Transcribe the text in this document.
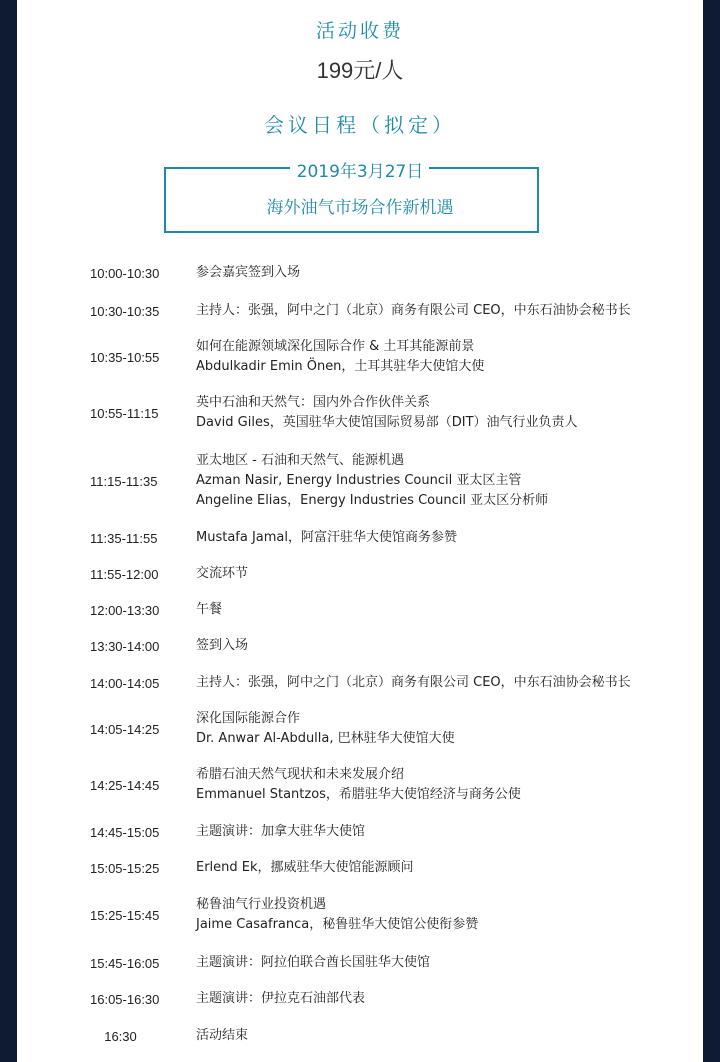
活动收费
199元/人
会议日程（拟定）
2019年3月27日
海外油气市场合作新机遇
10:00-10:30	参会嘉宾签到入场
10:30-10:35	主持人：张强，阿中之门（北京）商务有限公司 CEO，中东石油协会秘书长
10:35-10:55
如何在能源领域深化国际合作 & 土耳其能源前景
Abdulkadir Emin Önen，土耳其驻华大使馆大使
10:55-11:15
英中石油和天然气：国内外合作伙伴关系
David Giles，英国驻华大使馆国际贸易部（DIT）油气行业负责人
11:15-11:35
亚太地区 - 石油和天然气、能源机遇
Azman Nasir, Energy Industries Council 亚太区主管
Angeline Elias，Energy Industries Council 亚太区分析师
11:35-11:55	Mustafa Jamal，阿富汗驻华大使馆商务参赞
11:55-12:00	交流环节
12:00-13:30	午餐
13:30-14:00	签到入场
14:00-14:05	主持人：张强，阿中之门（北京）商务有限公司 CEO，中东石油协会秘书长
14:05-14:25
深化国际能源合作
Dr. Anwar Al-Abdulla, 巴林驻华大使馆大使
14:25-14:45
希腊石油天然气现状和未来发展介绍
Emmanuel Stantzos，希腊驻华大使馆经济与商务公使
14:45-15:05	主题演讲：加拿大驻华大使馆
15:05-15:25	Erlend Ek，挪威驻华大使馆能源顾问
15:25-15:45
秘鲁油气行业投资机遇
Jaime Casafranca，秘鲁驻华大使馆公使衔参赞
15:45-16:05	主题演讲：阿拉伯联合酋长国驻华大使馆
16:05-16:30	主题演讲：伊拉克石油部代表
16:30	活动结束
